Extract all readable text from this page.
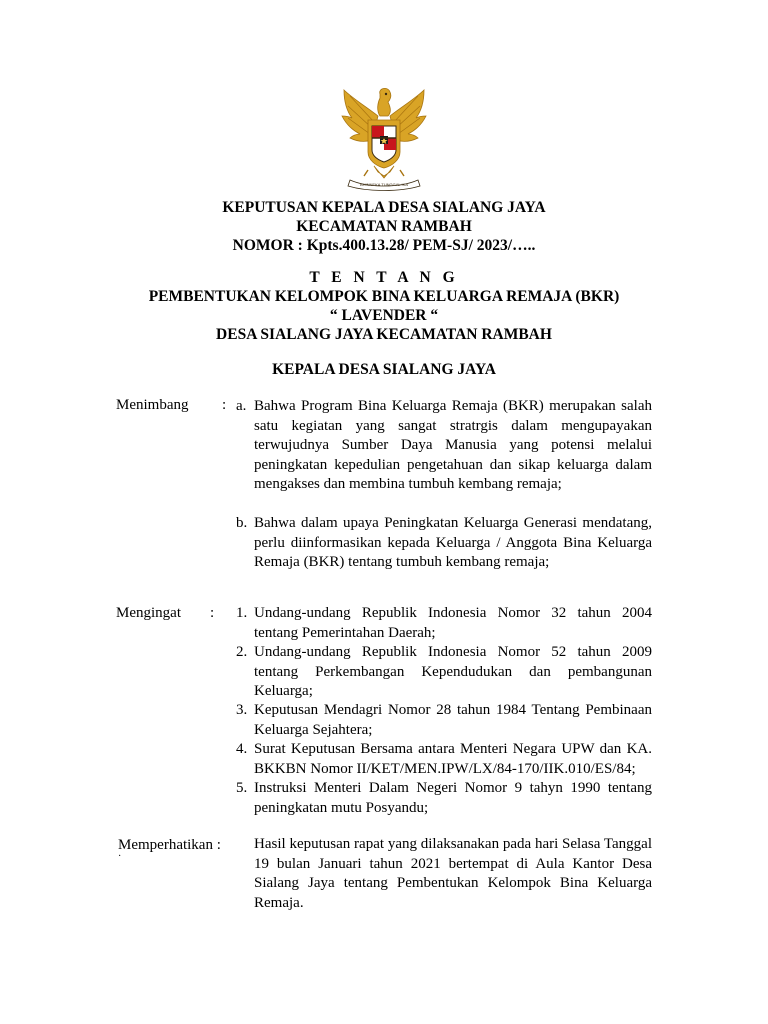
BHINNEKA TUNGGAL IKA
KEPUTUSAN KEPALA DESA SIALANG JAYA
KECAMATAN RAMBAH
NOMOR : Kpts.400.13.28/ PEM-SJ/ 2023/…..
T E N T A N G
PEMBENTUKAN KELOMPOK BINA KELUARGA REMAJA (BKR)
“ LAVENDER “
DESA SIALANG JAYA KECAMATAN RAMBAH
KEPALA DESA SIALANG JAYA
Menimbang : a. Bahwa Program Bina Keluarga Remaja (BKR) merupakan salah satu kegiatan yang sangat stratrgis dalam mengupayakan terwujudnya Sumber Daya Manusia yang potensi melalui peningkatan kepedulian pengetahuan dan sikap keluarga dalam mengakses dan membina tumbuh kembang remaja;
b. Bahwa dalam upaya Peningkatan Keluarga Generasi mendatang, perlu diinformasikan kepada Keluarga / Anggota Bina Keluarga Remaja (BKR) tentang tumbuh kembang remaja;
Mengingat : 1. Undang-undang Republik Indonesia Nomor 32 tahun 2004 tentang Pemerintahan Daerah;
2. Undang-undang Republik Indonesia Nomor 52 tahun 2009 tentang Perkembangan Kependudukan dan pembangunan Keluarga;
3. Keputusan Mendagri Nomor 28 tahun 1984 Tentang Pembinaan Keluarga Sejahtera;
4. Surat Keputusan Bersama antara Menteri Negara UPW dan KA. BKKBN Nomor II/KET/MEN.IPW/LX/84-170/IIK.010/ES/84;
5. Instruksi Menteri Dalam Negeri Nomor 9 tahyn 1990 tentang peningkatan mutu Posyandu;
Memperhatikan :
·
Hasil keputusan rapat yang dilaksanakan pada hari Selasa Tanggal 19 bulan Januari tahun 2021 bertempat di Aula Kantor Desa Sialang Jaya tentang Pembentukan Kelompok Bina Keluarga Remaja.
